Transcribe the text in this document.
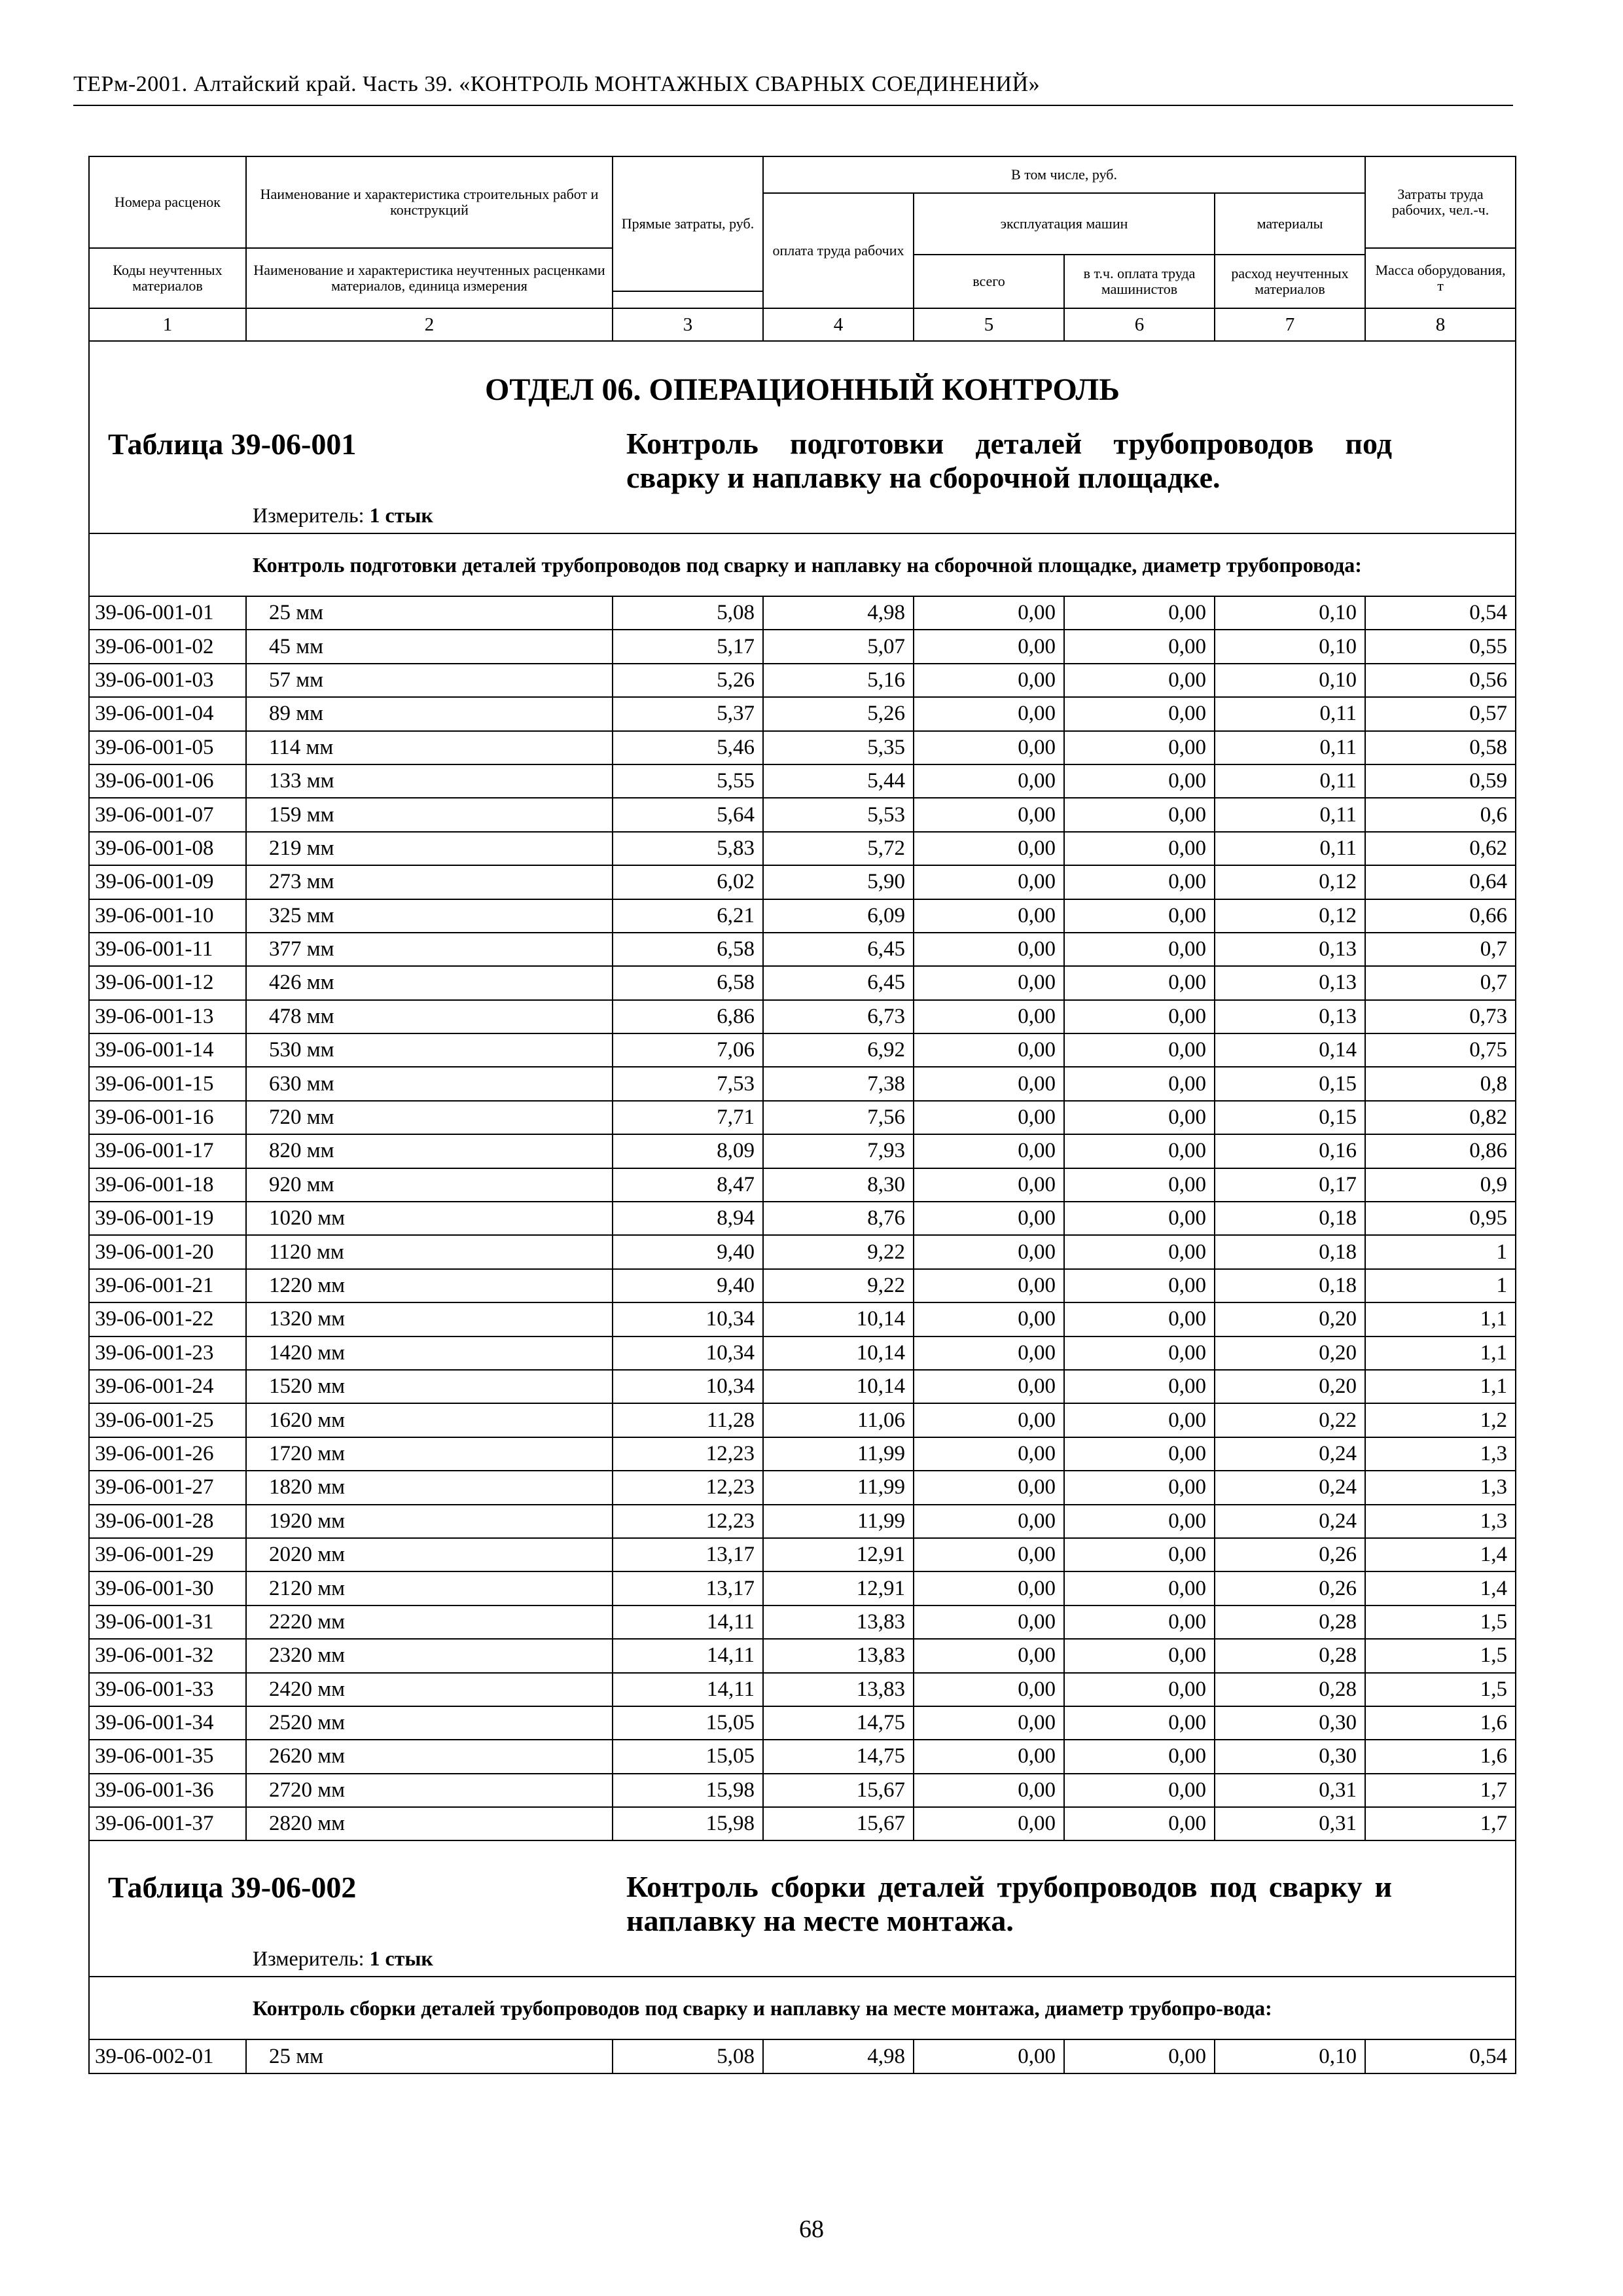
ТЕРм-2001. Алтайский край. Часть 39. «КОНТРОЛЬ МОНТАЖНЫХ СВАРНЫХ СОЕДИНЕНИЙ»
Номера расценок	Наименование и характеристика строительных работ и конструкций	Прямые затраты, руб.	В том числе, руб.				Затраты труда рабочих, чел.-ч.
			оплата труда рабочих	эксплуатация машин		материалы	

Коды неучтенных материалов	Наименование и характеристика неучтенных расценками материалов, единица измерения						Масса оборудования, т
				всего	в т.ч. оплата труда машинистов	расход неучтенных материалов	

1	2	3	4	5	6	7	8

ОТДЕЛ 06. ОПЕРАЦИОННЫЙ КОНТРОЛЬ
Таблица 39-06-001 Контроль подготовки деталей трубопроводов под сварку и наплавку на сборочной площадке.
Измеритель: 1 стык							

Контроль подготовки деталей трубопроводов под сварку и наплавку на сборочной площадке, диаметр трубопровода:							
39-06-001-01	25 мм	5,08	4,98	0,00	0,00	0,10	0,54
39-06-001-02	45 мм	5,17	5,07	0,00	0,00	0,10	0,55
39-06-001-03	57 мм	5,26	5,16	0,00	0,00	0,10	0,56
39-06-001-04	89 мм	5,37	5,26	0,00	0,00	0,11	0,57
39-06-001-05	114 мм	5,46	5,35	0,00	0,00	0,11	0,58
39-06-001-06	133 мм	5,55	5,44	0,00	0,00	0,11	0,59
39-06-001-07	159 мм	5,64	5,53	0,00	0,00	0,11	0,6
39-06-001-08	219 мм	5,83	5,72	0,00	0,00	0,11	0,62
39-06-001-09	273 мм	6,02	5,90	0,00	0,00	0,12	0,64
39-06-001-10	325 мм	6,21	6,09	0,00	0,00	0,12	0,66
39-06-001-11	377 мм	6,58	6,45	0,00	0,00	0,13	0,7
39-06-001-12	426 мм	6,58	6,45	0,00	0,00	0,13	0,7
39-06-001-13	478 мм	6,86	6,73	0,00	0,00	0,13	0,73
39-06-001-14	530 мм	7,06	6,92	0,00	0,00	0,14	0,75
39-06-001-15	630 мм	7,53	7,38	0,00	0,00	0,15	0,8
39-06-001-16	720 мм	7,71	7,56	0,00	0,00	0,15	0,82
39-06-001-17	820 мм	8,09	7,93	0,00	0,00	0,16	0,86
39-06-001-18	920 мм	8,47	8,30	0,00	0,00	0,17	0,9
39-06-001-19	1020 мм	8,94	8,76	0,00	0,00	0,18	0,95
39-06-001-20	1120 мм	9,40	9,22	0,00	0,00	0,18	1
39-06-001-21	1220 мм	9,40	9,22	0,00	0,00	0,18	1
39-06-001-22	1320 мм	10,34	10,14	0,00	0,00	0,20	1,1
39-06-001-23	1420 мм	10,34	10,14	0,00	0,00	0,20	1,1
39-06-001-24	1520 мм	10,34	10,14	0,00	0,00	0,20	1,1
39-06-001-25	1620 мм	11,28	11,06	0,00	0,00	0,22	1,2
39-06-001-26	1720 мм	12,23	11,99	0,00	0,00	0,24	1,3
39-06-001-27	1820 мм	12,23	11,99	0,00	0,00	0,24	1,3
39-06-001-28	1920 мм	12,23	11,99	0,00	0,00	0,24	1,3
39-06-001-29	2020 мм	13,17	12,91	0,00	0,00	0,26	1,4
39-06-001-30	2120 мм	13,17	12,91	0,00	0,00	0,26	1,4
39-06-001-31	2220 мм	14,11	13,83	0,00	0,00	0,28	1,5
39-06-001-32	2320 мм	14,11	13,83	0,00	0,00	0,28	1,5
39-06-001-33	2420 мм	14,11	13,83	0,00	0,00	0,28	1,5
39-06-001-34	2520 мм	15,05	14,75	0,00	0,00	0,30	1,6
39-06-001-35	2620 мм	15,05	14,75	0,00	0,00	0,30	1,6
39-06-001-36	2720 мм	15,98	15,67	0,00	0,00	0,31	1,7
39-06-001-37	2820 мм	15,98	15,67	0,00	0,00	0,31	1,7

Таблица 39-06-002 Контроль сборки деталей трубопроводов под сварку и наплавку на месте монтажа.
Измеритель: 1 стык							

Контроль сборки деталей трубопроводов под сварку и наплавку на месте монтажа, диаметр трубопро-вода:							
39-06-002-01	25 мм	5,08	4,98	0,00	0,00	0,10	0,54
68
